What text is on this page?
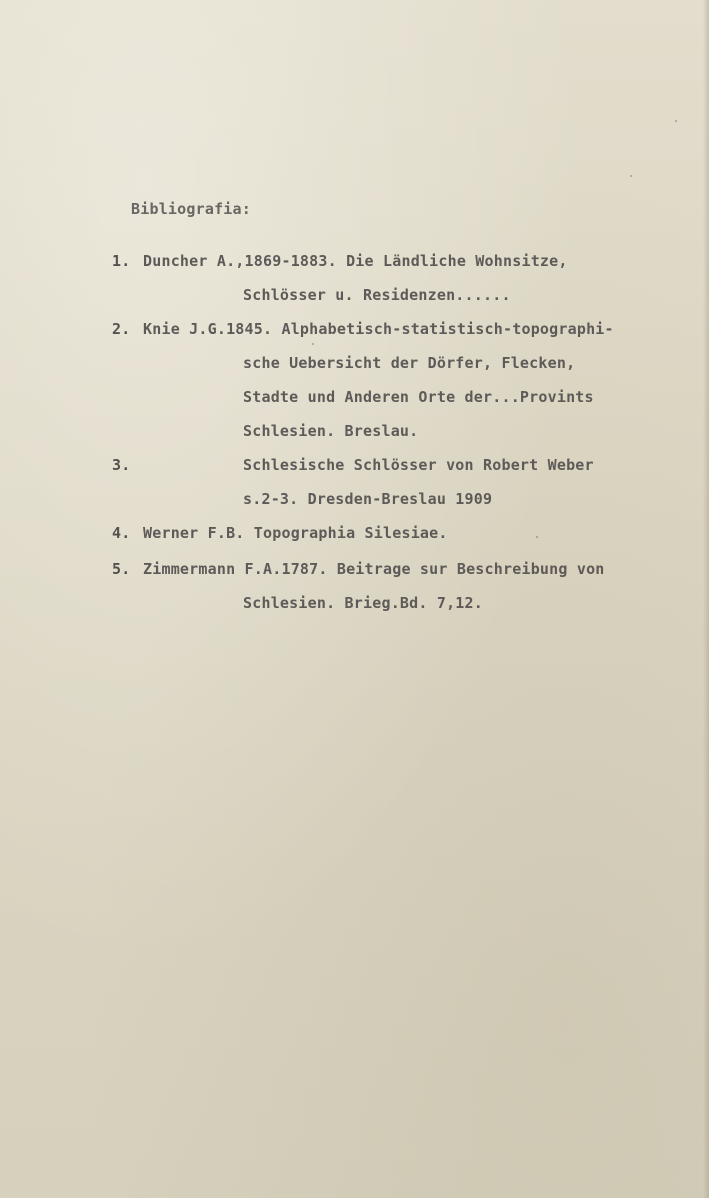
Bibliografia:
1. Duncher A.,1869-1883. Die Ländliche Wohnsitze,
Schlösser u. Residenzen......
2. Knie J.G.1845. Alphabetisch-statistisch-topographi-
sche Uebersicht der Dörfer, Flecken,
Stadte und Anderen Orte der...Provints
Schlesien. Breslau.
3.	Schlesische Schlösser von Robert Weber
s.2-3. Dresden-Breslau 1909
4. Werner F.B. Topographia Silesiae.
5. Zimmermann F.A.1787. Beitrage sur Beschreibung von
Schlesien. Brieg.Bd. 7,12.
